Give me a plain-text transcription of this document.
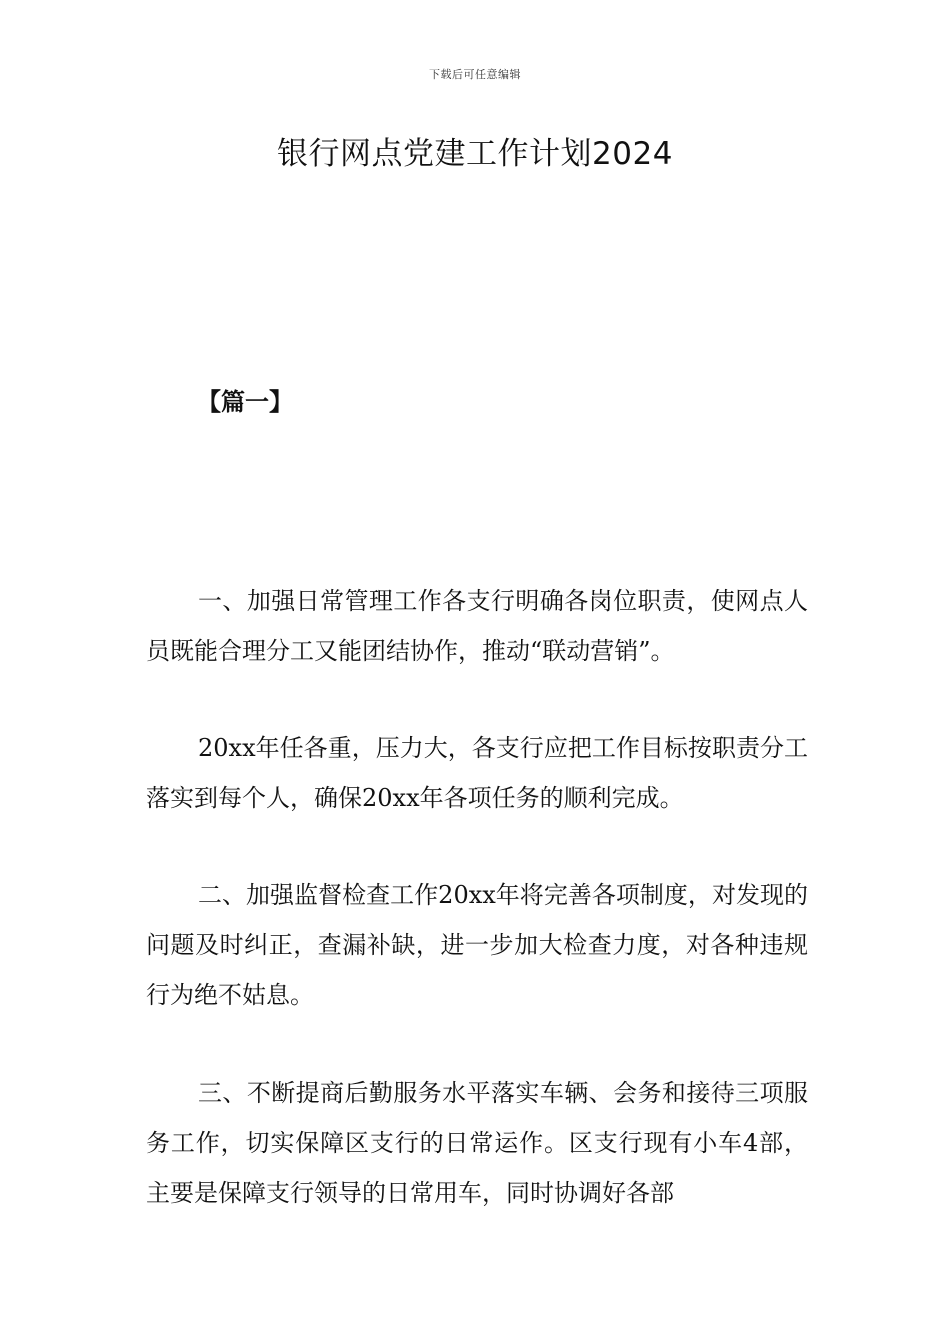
下载后可任意编辑
银行网点党建工作计划2024
【篇一】

一、加强日常管理工作各支行明确各岗位职责，使网点人员既能合理分工又能团结协作，推动“联动营销”。

20xx年任各重，压力大，各支行应把工作目标按职责分工落实到每个人，确保20xx年各项任务的顺利完成。

二、加强监督检查工作20xx年将完善各项制度，对发现的问题及时纠正，查漏补缺，进一步加大检查力度，对各种违规行为绝不姑息。

三、不断提商后勤服务水平落实车辆、会务和接待三项服务工作，切实保障区支行的日常运作。区支行现有小车4部，主要是保障支行领导的日常用车，同时协调好各部
